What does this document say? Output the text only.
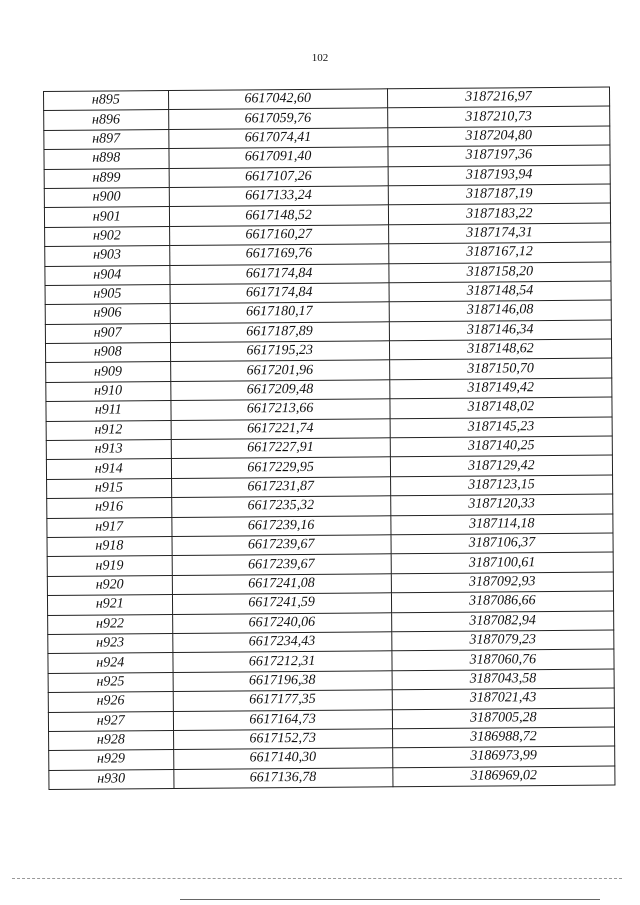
102
н895	6617042,60	3187216,97
н896	6617059,76	3187210,73
н897	6617074,41	3187204,80
н898	6617091,40	3187197,36
н899	6617107,26	3187193,94
н900	6617133,24	3187187,19
н901	6617148,52	3187183,22
н902	6617160,27	3187174,31
н903	6617169,76	3187167,12
н904	6617174,84	3187158,20
н905	6617174,84	3187148,54
н906	6617180,17	3187146,08
н907	6617187,89	3187146,34
н908	6617195,23	3187148,62
н909	6617201,96	3187150,70
н910	6617209,48	3187149,42
н911	6617213,66	3187148,02
н912	6617221,74	3187145,23
н913	6617227,91	3187140,25
н914	6617229,95	3187129,42
н915	6617231,87	3187123,15
н916	6617235,32	3187120,33
н917	6617239,16	3187114,18
н918	6617239,67	3187106,37
н919	6617239,67	3187100,61
н920	6617241,08	3187092,93
н921	6617241,59	3187086,66
н922	6617240,06	3187082,94
н923	6617234,43	3187079,23
н924	6617212,31	3187060,76
н925	6617196,38	3187043,58
н926	6617177,35	3187021,43
н927	6617164,73	3187005,28
н928	6617152,73	3186988,72
н929	6617140,30	3186973,99
н930	6617136,78	3186969,02
